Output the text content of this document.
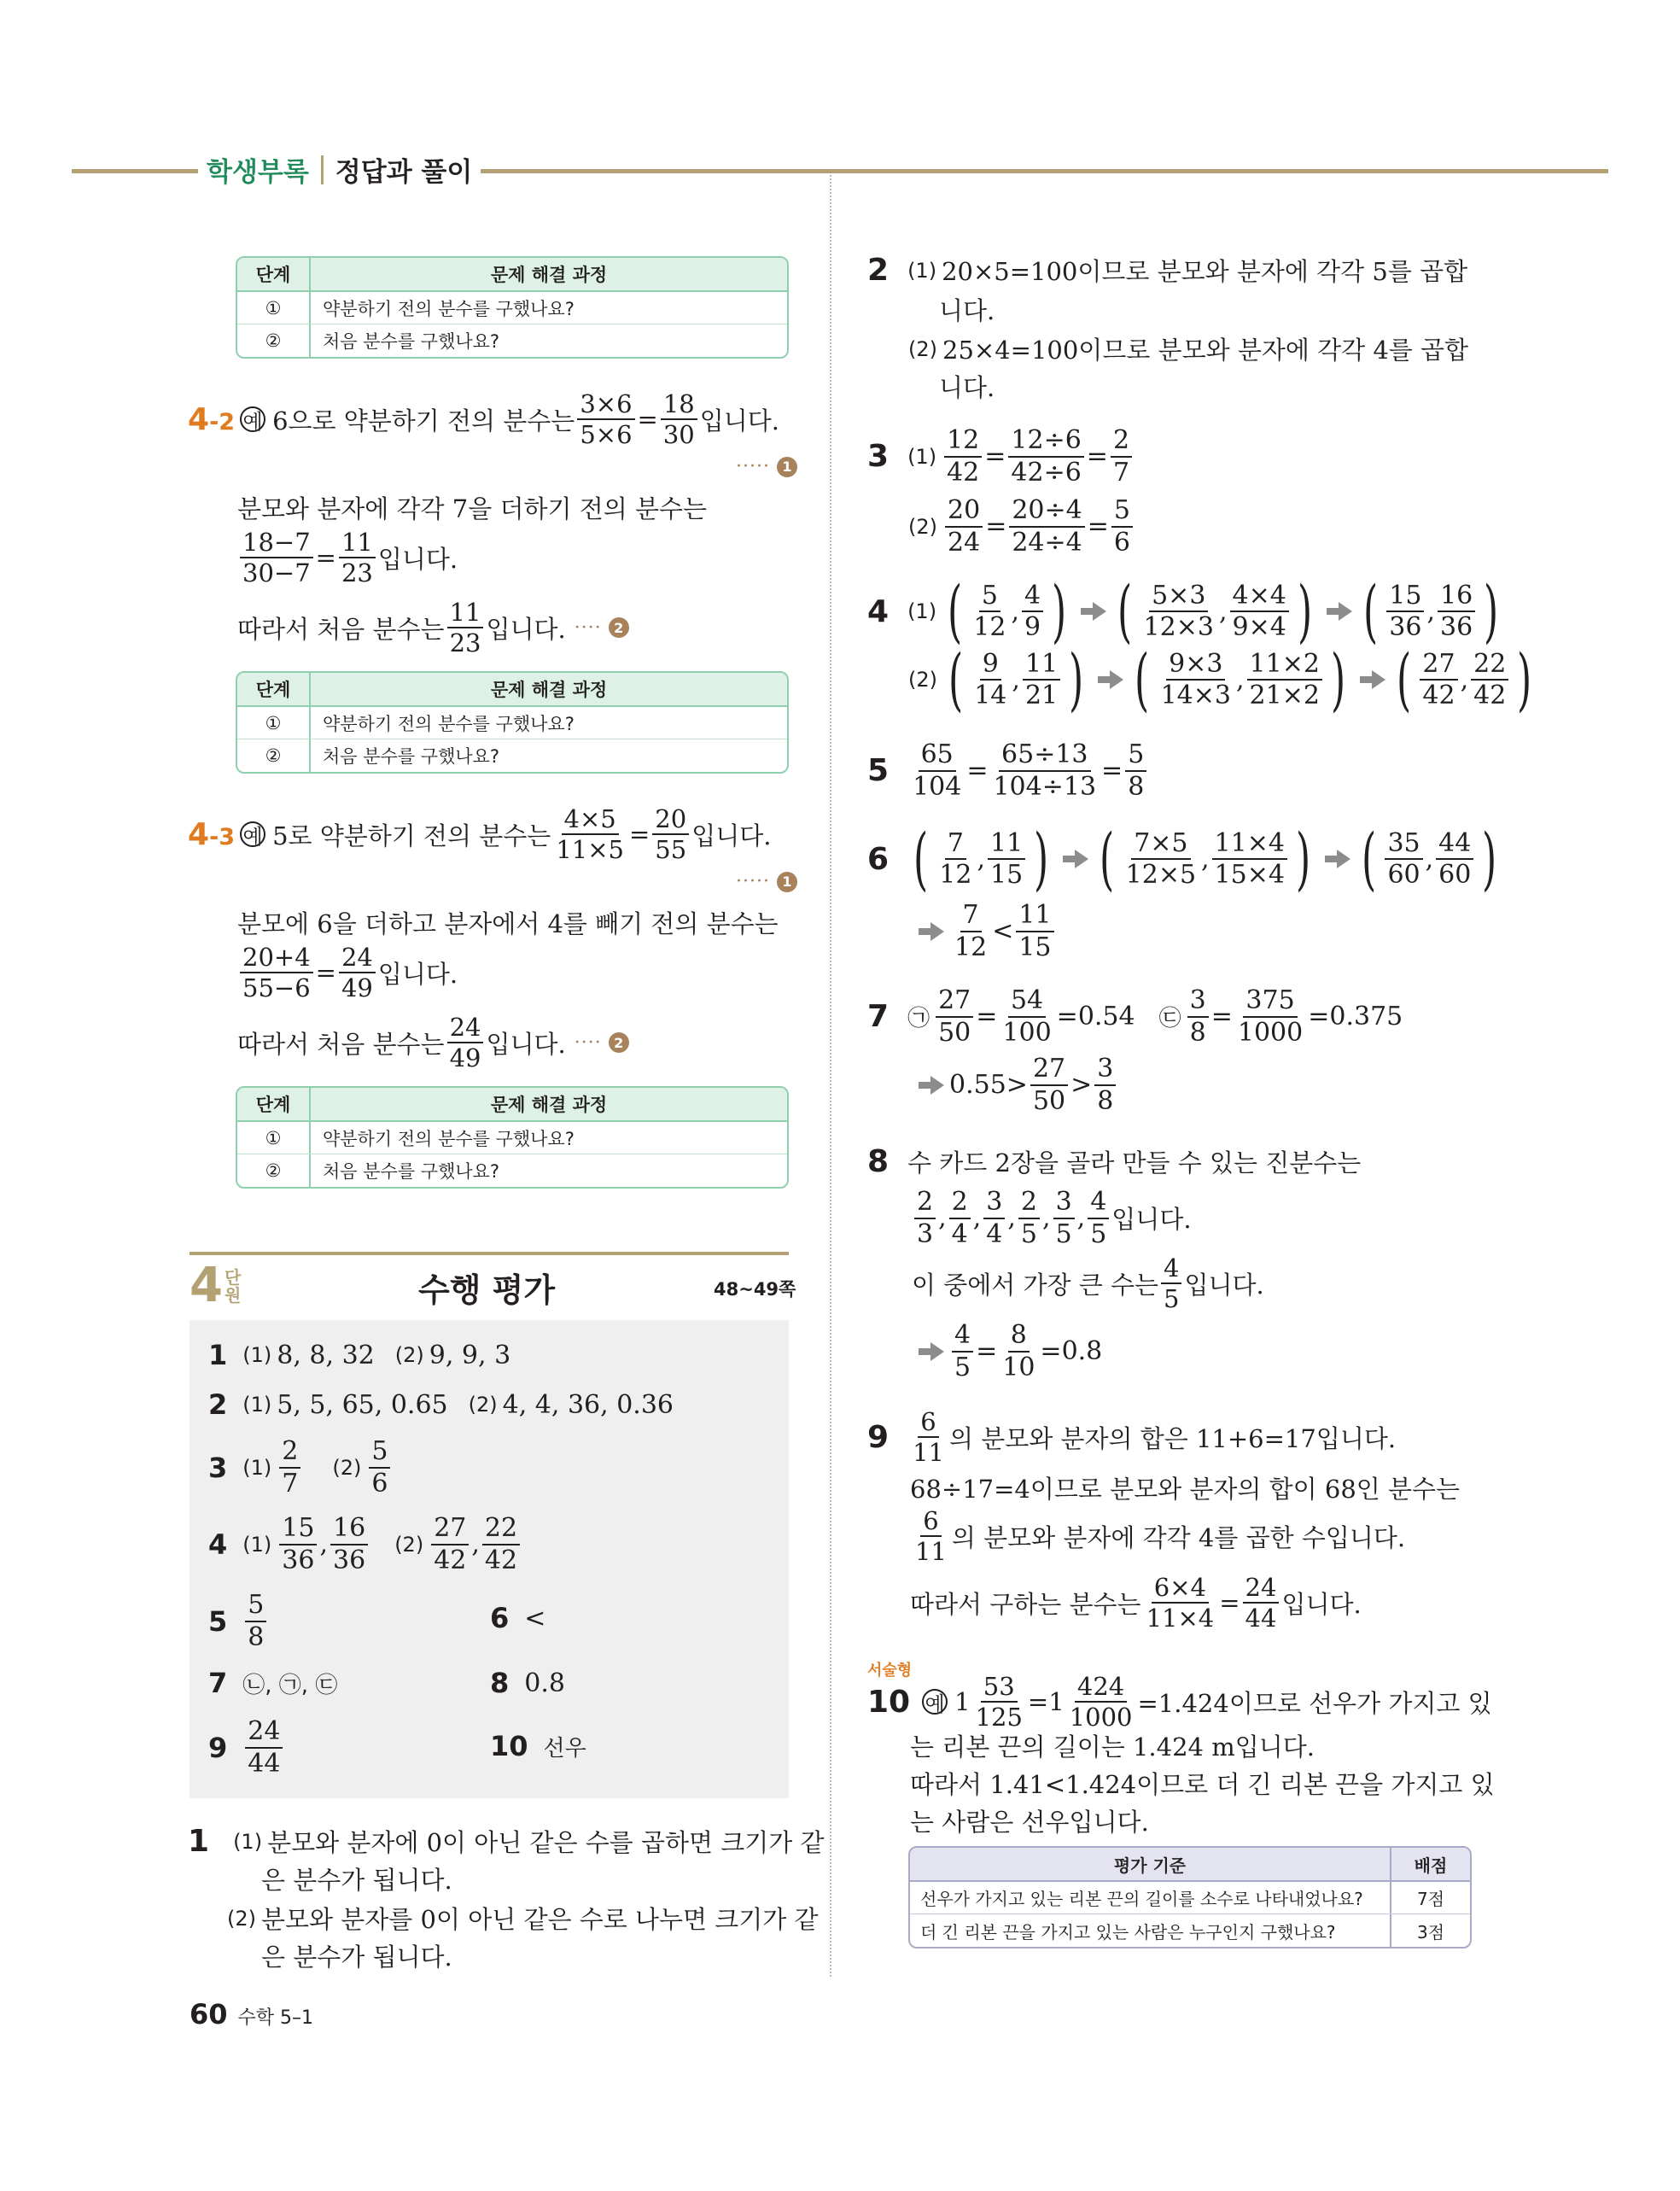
학생부록 정답과 풀이
단계	문제 해결 과정
①	약분하기 전의 분수를 구했나요?
②	처음 분수를 구했나요?
4-2 예 6으로 약분하기 전의 분수는 $\frac{3\times 6}{5\times 6} = \frac{18}{30}$ 입니다.
····· 1
분모와 분자에 각각 7을 더하기 전의 분수는
$\frac{18-7}{30-7} = \frac{11}{23}$ 입니다.
따라서 처음 분수는 $\frac{11}{23}$ 입니다. ···· 2
단계	문제 해결 과정
①	약분하기 전의 분수를 구했나요?
②	처음 분수를 구했나요?
4-3 예 5로 약분하기 전의 분수는 $\frac{4\times 5}{11\times 5} = \frac{20}{55}$ 입니다.
····· 1
분모에 6을 더하고 분자에서 4를 빼기 전의 분수는
$\frac{20+4}{55-6} = \frac{24}{49}$ 입니다.
따라서 처음 분수는 $\frac{24}{49}$ 입니다. ···· 2
단계	문제 해결 과정
①	약분하기 전의 분수를 구했나요?
②	처음 분수를 구했나요?
4 단
원	수행 평가	48~49쪽
1 (1) 8, 8, 32 (2) 9, 9, 3
2 (1) 5, 5, 65, 0.65 (2) 4, 4, 36, 0.36
3 $(1) \frac{2}{7} (2) \frac{5}{6}$
4 $(1) \frac{15}{36}$ , $\frac{16}{36} (2) \frac{27}{42}$ , $\frac{22}{42}$
$5 \frac{5}{8}$	6 <
7 ㉡, ㉠, ㉢	8 0.8
$9 \frac{24}{44}$	10 선우
1 (1) 분모와 분자에 0이 아닌 같은 수를 곱하면 크기가 같
은 분수가 됩니다.
(2) 분모와 분자를 0이 아닌 같은 수로 나누면 크기가 같
은 분수가 됩니다.
60 수학 5–1
2 (1) 20×5=100이므로 분모와 분자에 각각 5를 곱합
니다.
(2) 25×4=100이므로 분모와 분자에 각각 4를 곱합
니다.
3 $(1) \frac{12}{42} = \frac{12\div 6}{42\div 6} = \frac{2}{7}$
$(2) \frac{20}{24} = \frac{20\div 4}{24\div 4} = \frac{5}{6}$
4 (1) ( $\frac{5}{12}$ , $\frac{4}{9}$ ) ( $\frac{5\times 3}{12\times 3}$ , $\frac{4\times 4}{9\times 4}$ ) ( $\frac{15}{36}$ , $\frac{16}{36}$ )
(2) ( $\frac{9}{14}$ , $\frac{11}{21}$ ) ( $\frac{9\times 3}{14\times 3}$ , $\frac{11\times 2}{21\times 2}$ ) ( $\frac{27}{42}$ , $\frac{22}{42}$ )
$5 \frac{65}{104} = \frac{65\div 13}{104\div 13} = \frac{5}{8}$
6 ( $\frac{7}{12}$ , $\frac{11}{15}$ ) ( $\frac{7\times 5}{12\times 5}$ , $\frac{11\times 4}{15\times 4}$ ) ( $\frac{35}{60}$ , $\frac{44}{60}$ )
$\frac{7}{12} < \frac{11}{15}$
7 ㉠ $\frac{27}{50} = \frac{54}{100} = 0.54$ ㉢ $\frac{3}{8} = \frac{375}{1000} = 0.375$
$0.55 > \frac{27}{50} > \frac{3}{8}$
8 수 카드 2장을 골라 만들 수 있는 진분수는
$\frac{2}{3}$ , $\frac{2}{4}$ , $\frac{3}{4}$ , $\frac{2}{5}$ , $\frac{3}{5}$ , $\frac{4}{5}$ 입니다.
이 중에서 가장 큰 수는 $\frac{4}{5}$ 입니다.
$\frac{4}{5} = \frac{8}{10} = 0.8$
$9 \frac{6}{11}$ 의 분모와 분자의 합은 11+6=17입니다.
68÷17=4이므로 분모와 분자의 합이 68인 분수는
$\frac{6}{11}$ 의 분모와 분자에 각각 4를 곱한 수입니다.
따라서 구하는 분수는 $\frac{6\times 4}{11\times 4} = \frac{24}{44}$ 입니다.
서술형
10 예 $1 \frac{53}{125} = 1 \frac{424}{1000} =1.424$이므로 선우가 가지고 있
는 리본 끈의 길이는 1.424 m입니다.
따라서 1.41<1.424이므로 더 긴 리본 끈을 가지고 있
는 사람은 선우입니다.
평가 기준	배점
선우가 가지고 있는 리본 끈의 길이를 소수로 나타내었나요?	7점
더 긴 리본 끈을 가지고 있는 사람은 누구인지 구했나요?	3점
